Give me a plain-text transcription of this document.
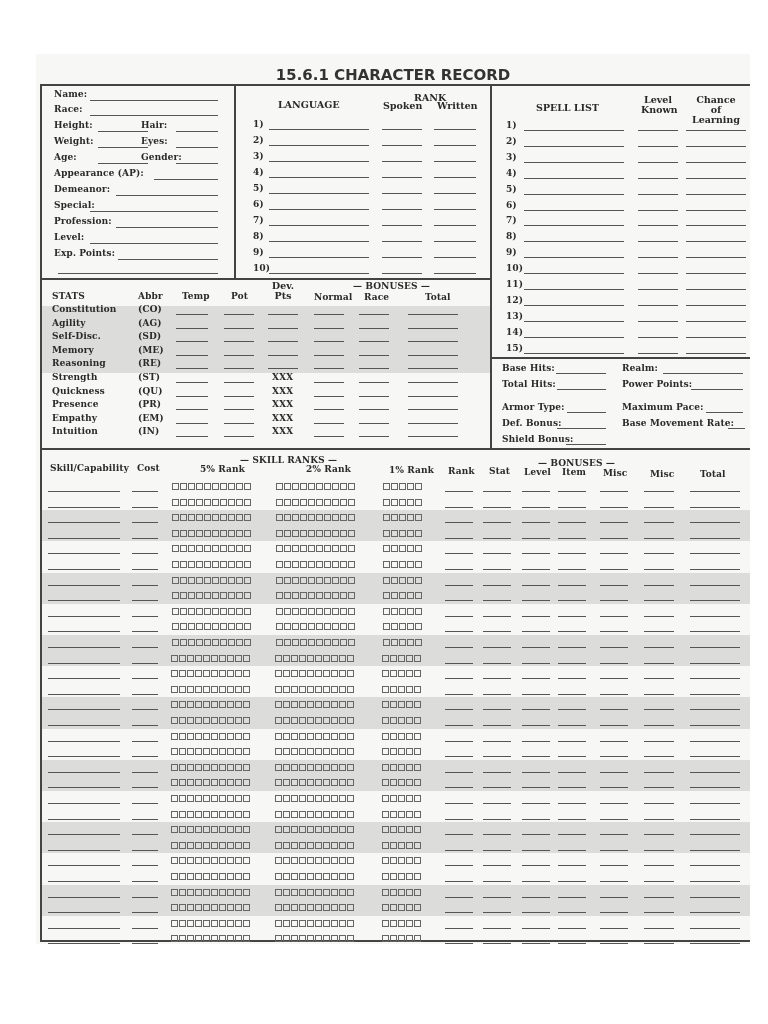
15.6.1 CHARACTER RECORD
Name:
Race:
Height:	Hair:
Weight:	Eyes:
Age:	Gender:
Appearance (AP):
Demeanor:
Special:
Profession:
Level:
Exp. Points:
LANGUAGE
RANK
Spoken Written
1)
2)
3)
4)
5)
6)
7)
8)
9)
10)
SPELL LIST
Level Known
Chance of Learning
1)
2)
3)
4)
5)
6)
7)
8)
9)
10)
11)
12)
13)
14)
15)
STATS	Abbr Temp Pot
Dev. Pts
— BONUSES —
Normal Race	Total
Constitution (CO)
Agility	(AG)
Self-Disc.	(SD)
Memory	(ME)
Reasoning	(RE)
Strength	(ST)	XXX
Quickness	(QU)	XXX
Presence	(PR)	XXX
Empathy	(EM)	XXX
Intuition	(IN)	XXX
Base Hits:	Realm:
Total Hits:	Power Points:
Armor Type:	Maximum Pace:
Def. Bonus:	Base Movement Rate:
Shield Bonus:
— SKILL RANKS —
Skill/Capability Cost	5% Rank	2% Rank	1% Rank Rank Stat
— BONUSES —
Level Item Misc	Misc	Total
